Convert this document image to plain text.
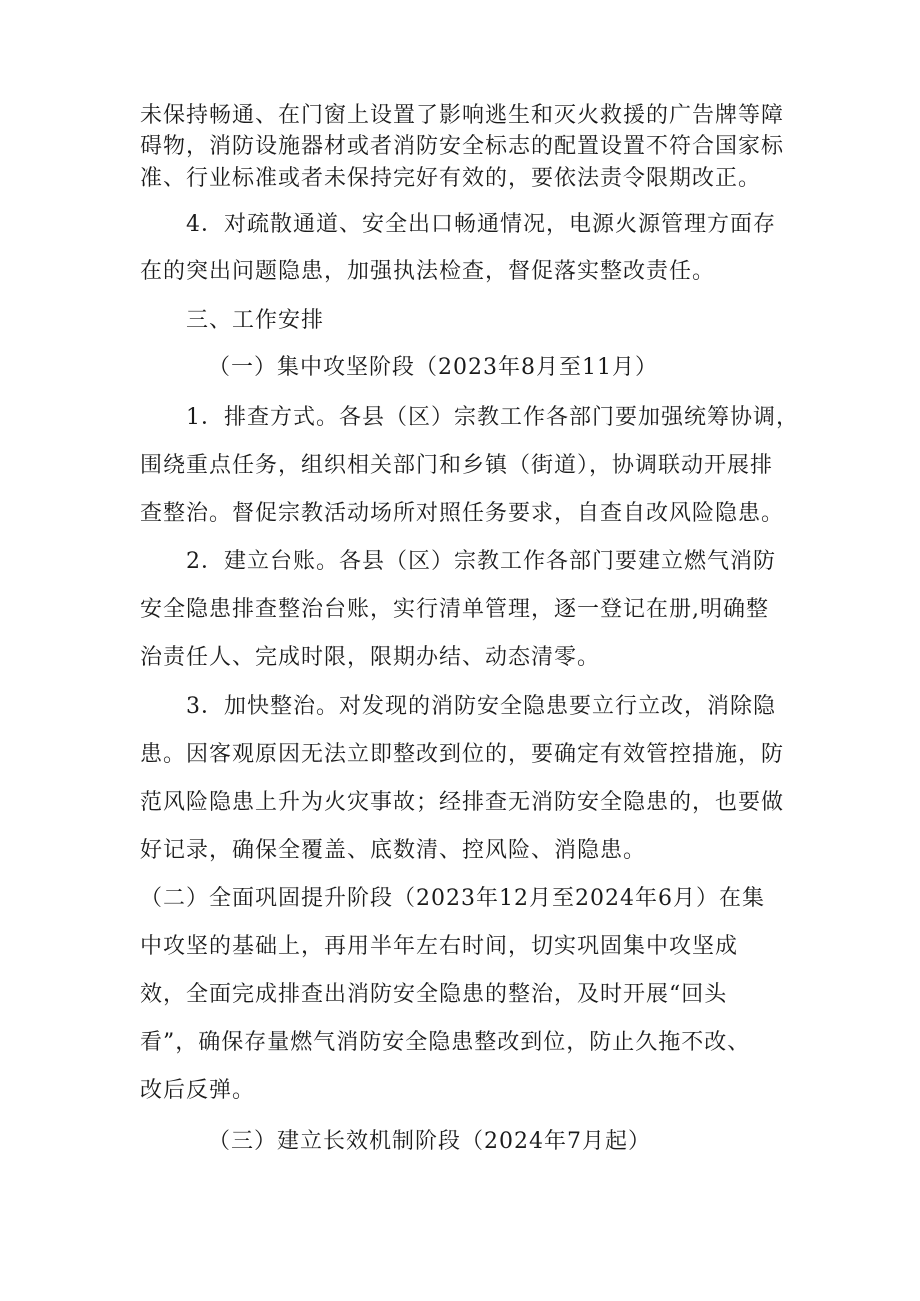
未保持畅通、在门窗上设置了影响逃生和灭火救援的广告牌等障
碍物，消防设施器材或者消防安全标志的配置设置不符合国家标
准、行业标准或者未保持完好有效的，要依法责令限期改正。
4．对疏散通道、安全出口畅通情况，电源火源管理方面存
在的突出问题隐患，加强执法检查，督促落实整改责任。
三、工作安排
（一）集中攻坚阶段（2023年8月至11月）
1．排查方式。各县（区）宗教工作各部门要加强统筹协调，
围绕重点任务，组织相关部门和乡镇（街道），协调联动开展排
查整治。督促宗教活动场所对照任务要求，自查自改风险隐患。
2．建立台账。各县（区）宗教工作各部门要建立燃气消防
安全隐患排查整治台账，实行清单管理，逐一登记在册,明确整
治责任人、完成时限，限期办结、动态清零。
3．加快整治。对发现的消防安全隐患要立行立改，消除隐
患。因客观原因无法立即整改到位的，要确定有效管控措施，防
范风险隐患上升为火灾事故；经排查无消防安全隐患的，也要做
好记录，确保全覆盖、底数清、控风险、消隐患。
（二）全面巩固提升阶段（2023年12月至2024年6月）在集
中攻坚的基础上，再用半年左右时间，切实巩固集中攻坚成
效，全面完成排查出消防安全隐患的整治，及时开展“回头
看”，确保存量燃气消防安全隐患整改到位，防止久拖不改、
改后反弹。
（三）建立长效机制阶段（2024年7月起）
